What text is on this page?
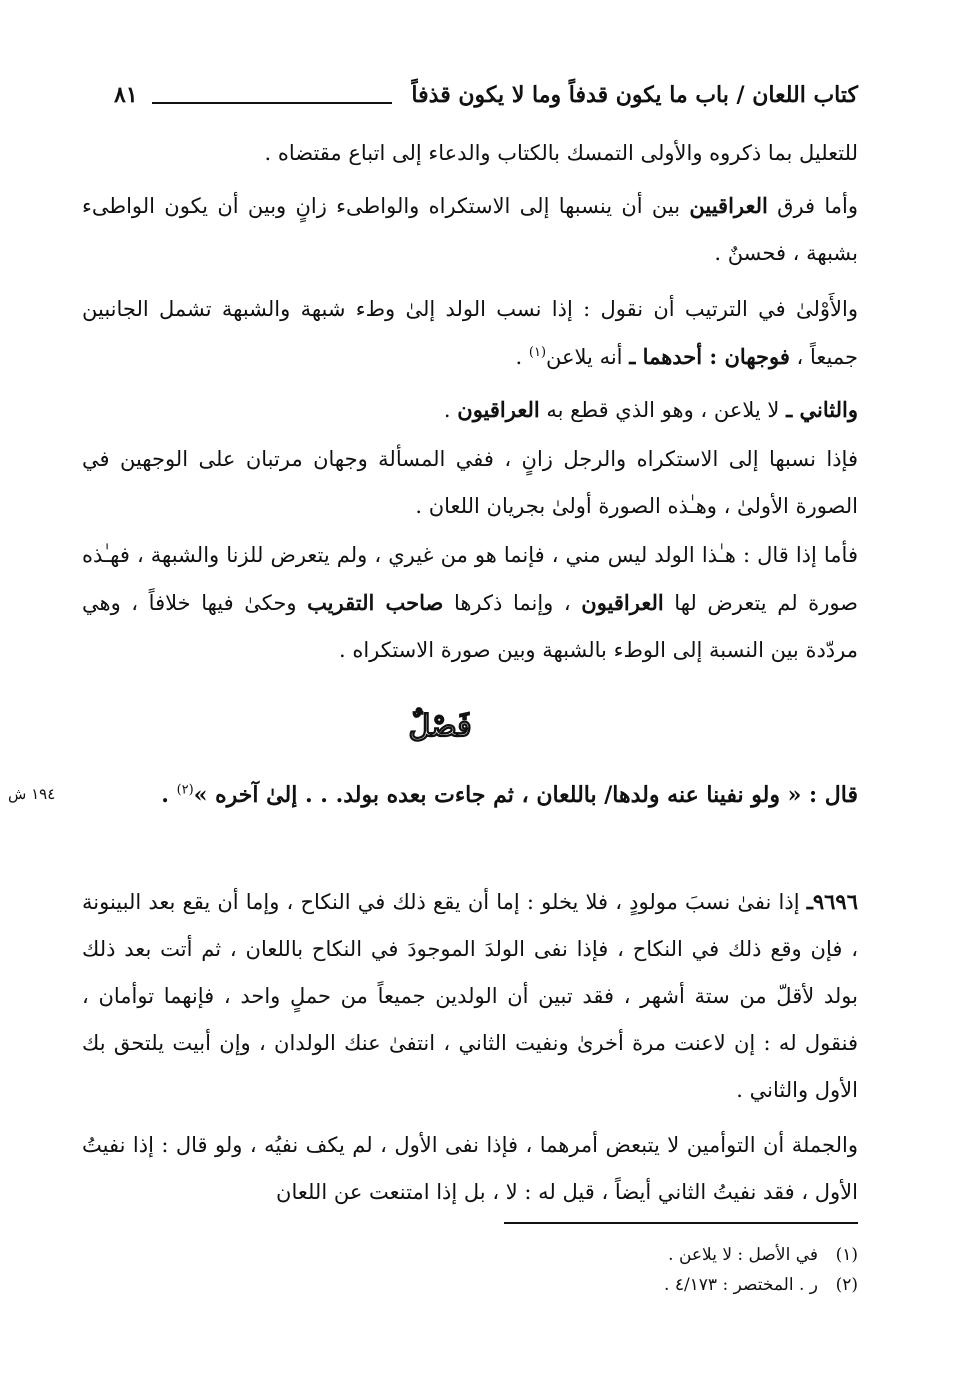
كتاب اللعان / باب ما يكون قدفاً وما لا يكون قذفاً
٨١
للتعليل بما ذكروه والأولى التمسك بالكتاب والدعاء إلى اتباع مقتضاه .
وأما فرق العراقيين بين أن ينسبها إلى الاستكراه والواطىء زانٍ وبين أن يكون الواطىء بشبهة ، فحسنٌ .
والأَوْلىٰ في الترتيب أن نقول : إذا نسب الولد إلىٰ وطء شبهة والشبهة تشمل الجانبين جميعاً ، فوجهان : أحدهما ـ أنه يلاعن$^{(١)}$ .
والثاني ـ لا يلاعن ، وهو الذي قطع به العراقيون .
فإذا نسبها إلى الاستكراه والرجل زانٍ ، ففي المسألة وجهان مرتبان على الوجهين في الصورة الأولىٰ ، وهـٰذه الصورة أولىٰ بجريان اللعان .
فأما إذا قال : هـٰذا الولد ليس مني ، فإنما هو من غيري ، ولم يتعرض للزنا والشبهة ، فهـٰذه صورة لم يتعرض لها العراقيون ، وإنما ذكرها صاحب التقريب وحكىٰ فيها خلافاً ، وهي مردّدة بين النسبة إلى الوطء بالشبهة وبين صورة الاستكراه .
فَصْلٌ
قال : « ولو نفينا عنه ولدها/ باللعان ، ثم جاءت بعده بولد. . . إلىٰ آخره »$^{(٢)}$ .
١٩٤ ش
٩٦٩٦ـ إذا نفىٰ نسبَ مولودٍ ، فلا يخلو : إما أن يقع ذلك في النكاح ، وإما أن يقع بعد البينونة ، فإن وقع ذلك في النكاح ، فإذا نفى الولدَ الموجودَ في النكاح باللعان ، ثم أتت بعد ذلك بولد لأقلّ من ستة أشهر ، فقد تبين أن الولدين جميعاً من حملٍ واحد ، فإنهما توأمان ، فنقول له : إن لاعنت مرة أخرىٰ ونفيت الثاني ، انتفىٰ عنك الولدان ، وإن أبيت يلتحق بك الأول والثاني .
والجملة أن التوأمين لا يتبعض أمرهما ، فإذا نفى الأول ، لم يكف نفيُه ، ولو قال : إذا نفيتُ الأول ، فقد نفيتُ الثاني أيضاً ، قيل له : لا ، بل إذا امتنعت عن اللعان
(١)في الأصل : لا يلاعن .
(٢)ر . المختصر : ٤/١٧٣ .
